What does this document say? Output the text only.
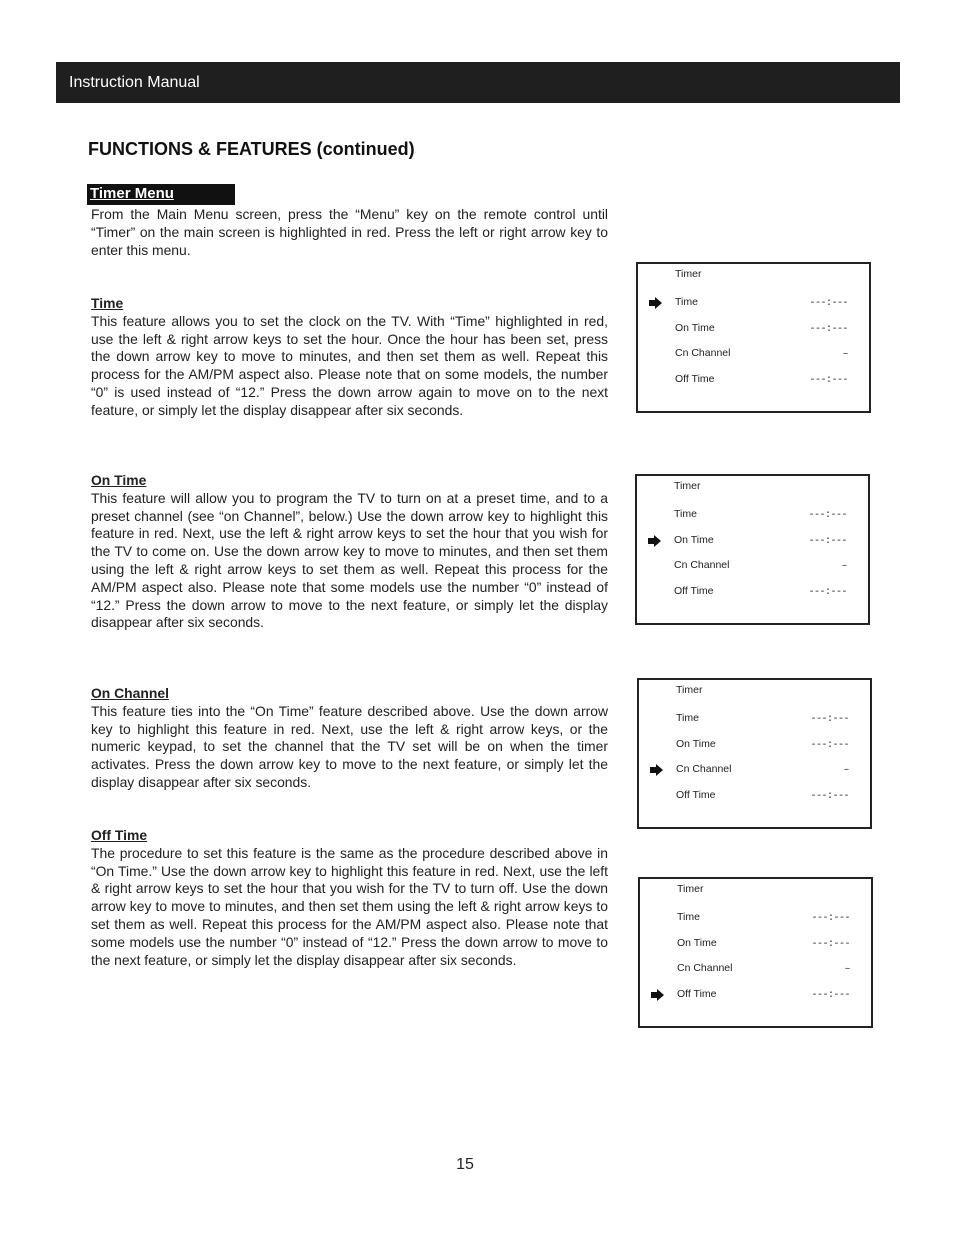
Instruction Manual
FUNCTIONS & FEATURES (continued)
Timer Menu

From the Main Menu screen, press the “Menu” key on the remote control until “Timer” on the main screen is highlighted in red. Press the left or right arrow key to enter this menu.

Time

This feature allows you to set the clock on the TV. With “Time” highlighted in red, use the left & right arrow keys to set the hour. Once the hour has been set, press the down arrow key to move to minutes, and then set them as well. Repeat this process for the AM/PM aspect also. Please note that on some models, the number “0” is used instead of “12.” Press the down arrow again to move on to the next feature, or simply let the display disappear after six seconds.

On Time

This feature will allow you to program the TV to turn on at a preset time, and to a preset channel (see “on Channel”, below.) Use the down arrow key to highlight this feature in red. Next, use the left & right arrow keys to set the hour that you wish for the TV to come on. Use the down arrow key to move to minutes, and then set them using the left & right arrow keys to set them as well. Repeat this process for the AM/PM aspect also. Please note that some models use the number “0” instead of “12.” Press the down arrow to move to the next feature, or simply let the display disappear after six seconds.

On Channel

This feature ties into the “On Time” feature described above. Use the down arrow key to highlight this feature in red. Next, use the left & right arrow keys, or the numeric keypad, to set the channel that the TV set will be on when the timer activates. Press the down arrow key to move to the next feature, or simply let the display disappear after six seconds.

Off Time

The procedure to set this feature is the same as the procedure described above in “On Time.” Use the down arrow key to highlight this feature in red. Next, use the left & right arrow keys to set the hour that you wish for the TV to turn off. Use the down arrow key to move to minutes, and then set them using the left & right arrow keys to set them as well. Repeat this process for the AM/PM aspect also. Please note that some models use the number “0” instead of “12.” Press the down arrow to move to the next feature, or simply let the display disappear after six seconds.

Timer
Time	---:---
On Time	---:---
Cn Channel	–
Off Time	---:---
Timer
Time	---:---
On Time	---:---
Cn Channel	–
Off Time	---:---
Timer
Time	---:---
On Time	---:---
Cn Channel	–
Off Time	---:---
Timer
Time	---:---
On Time	---:---
Cn Channel	–
Off Time	---:---
15
